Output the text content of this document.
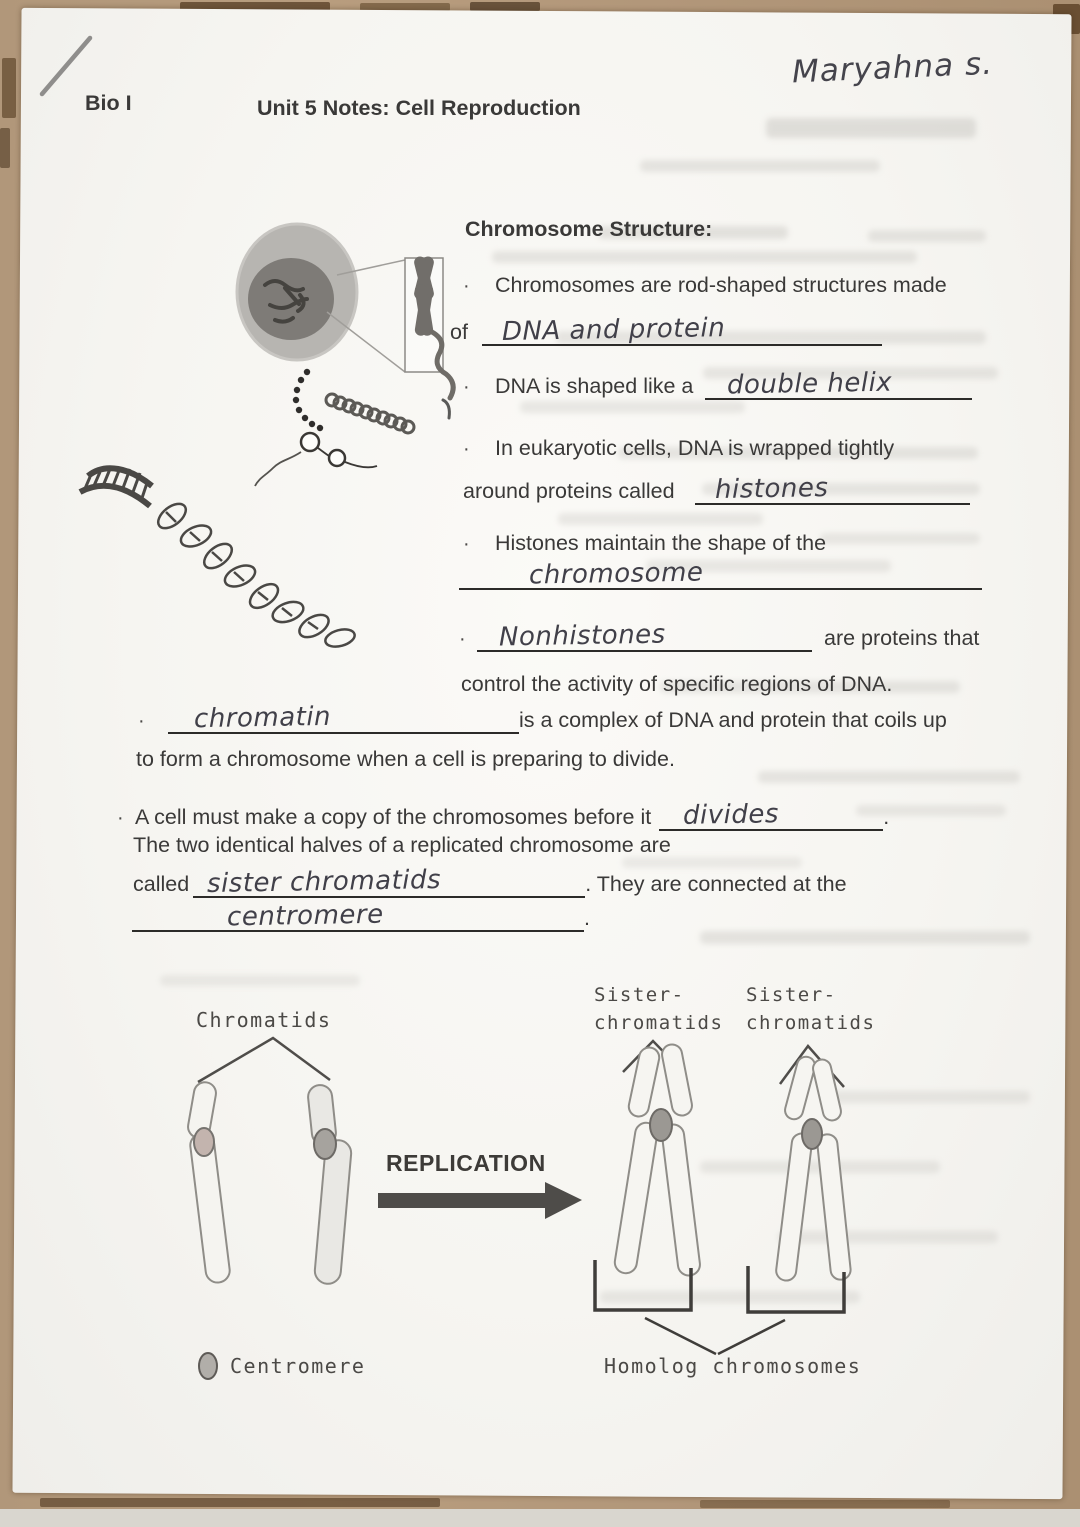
Bio I	Unit 5 Notes: Cell Reproduction
Maryahna s.
Chromosome Structure:
· Chromosomes are rod-shaped structures made
of DNA and protein
· DNA is shaped like a double helix
· In eukaryotic cells, DNA is wrapped tightly
around proteins called histones
· Histones maintain the shape of the
chromosome
· Nonhistones	are proteins that
control the activity of specific regions of DNA.
· chromatin	is a complex of DNA and protein that coils up
to form a chromosome when a cell is preparing to divide.
· A cell must make a copy of the chromosomes before it divides	.
The two identical halves of a replicated chromosome are
called sister chromatids	. They are connected at the
centromere	.
Chromatids
REPLICATION
Sister-
chromatids
Sister-
chromatids
Centromere	Homolog chromosomes
